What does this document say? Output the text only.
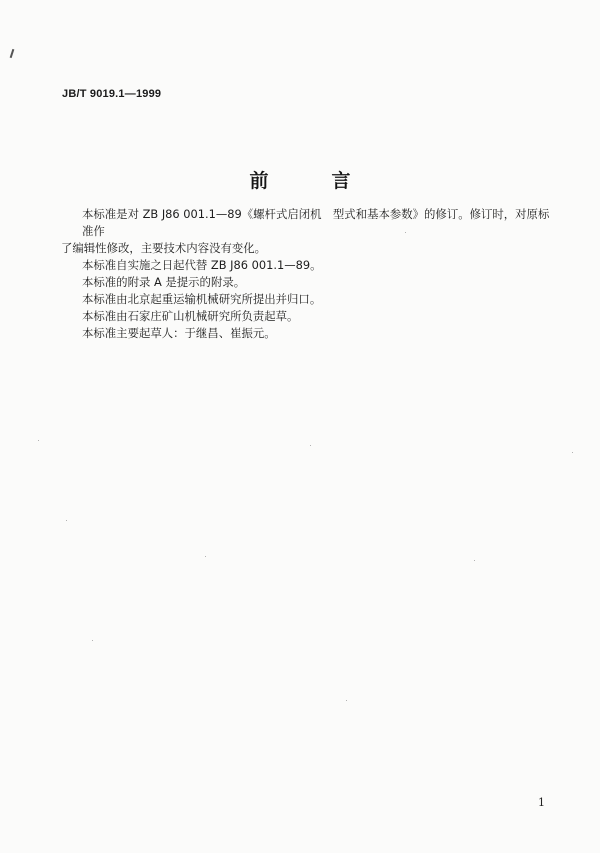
JB/T 9019.1—1999
前　言

本标准是对 ZB J86 001.1—89《螺杆式启闭机　型式和基本参数》的修订。修订时，对原标准作

了编辑性修改，主要技术内容没有变化。

本标准自实施之日起代替 ZB J86 001.1—89。

本标准的附录 A 是提示的附录。

本标准由北京起重运输机械研究所提出并归口。

本标准由石家庄矿山机械研究所负责起草。

本标准主要起草人：于继昌、崔振元。

1
